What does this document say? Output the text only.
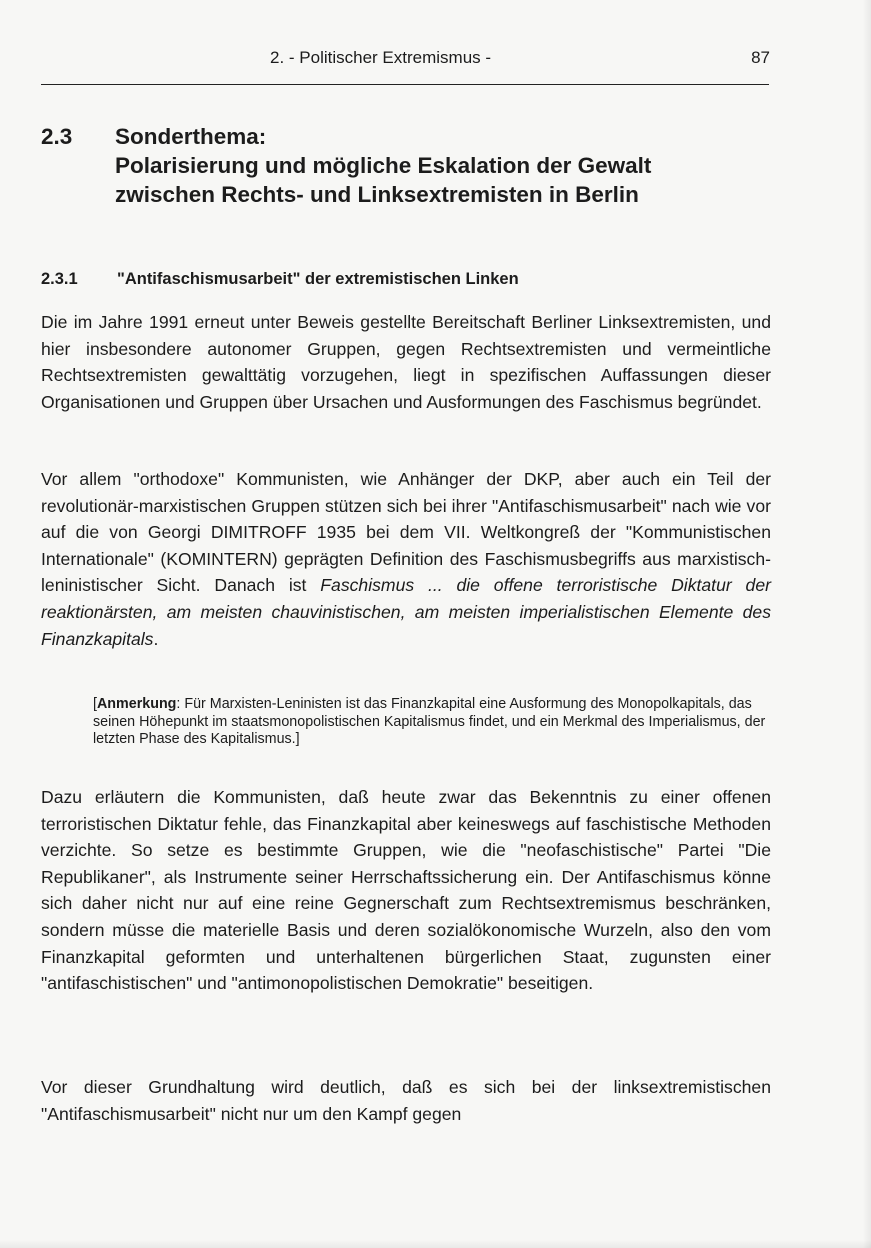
2. - Politischer Extremismus -	87
2.3 Sonderthema:
Polarisierung und mögliche Eskalation der Gewalt
zwischen Rechts- und Linksextremisten in Berlin
2.3.1 "Antifaschismusarbeit" der extremistischen Linken

Die im Jahre 1991 erneut unter Beweis gestellte Bereitschaft Berliner Linksextremisten, und hier insbesondere autonomer Gruppen, gegen Rechtsextremisten und vermeintliche Rechtsextremisten gewalttätig vorzugehen, liegt in spezifischen Auffassungen dieser Organisationen und Gruppen über Ursachen und Ausformungen des Faschismus begründet.

Vor allem "orthodoxe" Kommunisten, wie Anhänger der DKP, aber auch ein Teil der revolutionär-marxistischen Gruppen stützen sich bei ihrer "Antifaschismusarbeit" nach wie vor auf die von Georgi DIMITROFF 1935 bei dem VII. Weltkongreß der "Kommunistischen Internationale" (KOMINTERN) geprägten Definition des Faschismusbegriffs aus marxistisch-leninistischer Sicht. Danach ist Faschismus ... die offene terroristische Diktatur der reaktionärsten, am meisten chauvinistischen, am meisten imperialistischen Elemente des Finanzkapitals.

[Anmerkung: Für Marxisten-Leninisten ist das Finanzkapital eine Ausformung des Monopolkapitals, das seinen Höhepunkt im staatsmonopolistischen Kapitalismus findet, und ein Merkmal des Imperialismus, der letzten Phase des Kapitalismus.]

Dazu erläutern die Kommunisten, daß heute zwar das Bekenntnis zu einer offenen terroristischen Diktatur fehle, das Finanzkapital aber keineswegs auf faschistische Methoden verzichte. So setze es bestimmte Gruppen, wie die "neofaschistische" Partei "Die Republikaner", als Instrumente seiner Herrschaftssicherung ein. Der Antifaschismus könne sich daher nicht nur auf eine reine Gegnerschaft zum Rechtsextremismus beschränken, sondern müsse die materielle Basis und deren sozialökonomische Wurzeln, also den vom Finanzkapital geformten und unterhaltenen bürgerlichen Staat, zugunsten einer "antifaschistischen" und "antimonopolistischen Demokratie" beseitigen.

Vor dieser Grundhaltung wird deutlich, daß es sich bei der linksextremistischen "Antifaschismusarbeit" nicht nur um den Kampf gegen
